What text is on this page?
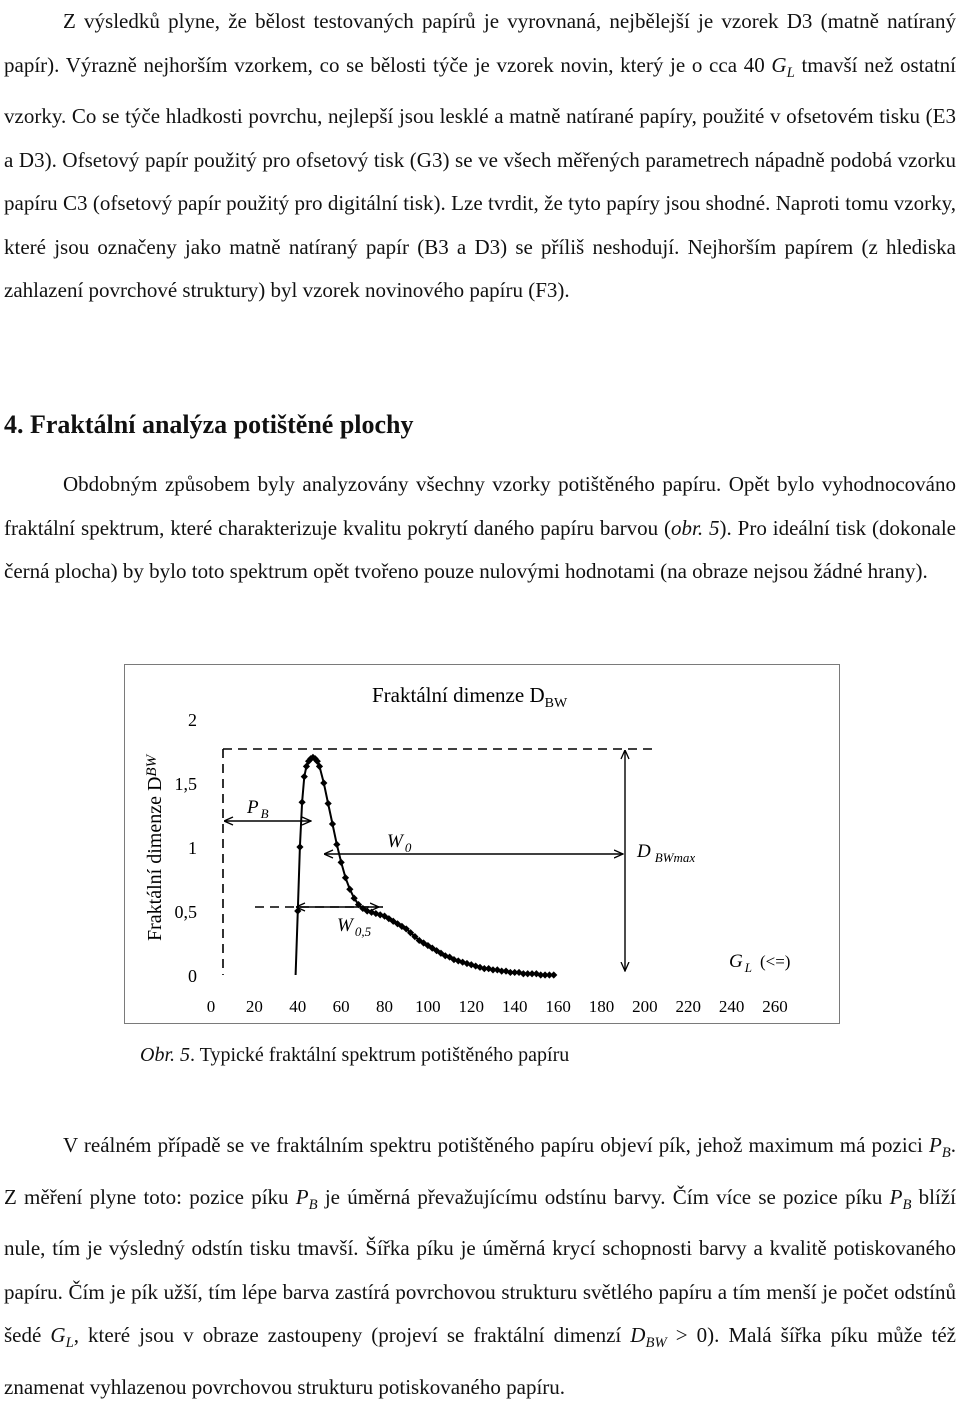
Z výsledků plyne, že bělost testovaných papírů je vyrovnaná, nejbělejší je vzorek D3 (matně natíraný papír). Výrazně nejhorším vzorkem, co se bělosti týče je vzorek novin, který je o cca 40 $G_L$ tmavší než ostatní vzorky. Co se týče hladkosti povrchu, nejlepší jsou lesklé a matně natírané papíry, použité v ofsetovém tisku (E3 a D3). Ofsetový papír použitý pro ofsetový tisk (G3) se ve všech měřených parametrech nápadně podobá vzorku papíru C3 (ofsetový papír použitý pro digitální tisk). Lze tvrdit, že tyto papíry jsou shodné. Naproti tomu vzorky, které jsou označeny jako matně natíraný papír (B3 a D3) se příliš neshodují. Nejhorším papírem (z hlediska zahlazení povrchové struktury) byl vzorek novinového papíru (F3).

4. Fraktální analýza potištěné plochy

Obdobným způsobem byly analyzovány všechny vzorky potištěného papíru. Opět bylo vyhodnocováno fraktální spektrum, které charakterizuje kvalitu pokrytí daného papíru barvou (obr. 5). Pro ideální tisk (dokonale černá plocha) by bylo toto spektrum opět tvořeno pouze nulovými hodnotami (na obraze nejsou žádné hrany).

Fraktální dimenze $D_{BW}$
Fraktální dimenze $D^{BW}$
0
0,5
1
1,5
2
0 20 40 60 80 100 120 140 160 180 200 220 240 260
P $_B$
W $_0$
W $_{0,5}$
D $_{BWmax}$
G $_L$ (<=)

Obr. 5. Typické fraktální spektrum potištěného papíru

V reálném případě se ve fraktálním spektru potištěného papíru objeví pík, jehož maximum má pozici $P_B$. Z měření plyne toto: pozice píku $P_B$ je úměrná převažujícímu odstínu barvy. Čím více se pozice píku $P_B$ blíží nule, tím je výsledný odstín tisku tmavší. Šířka píku je úměrná krycí schopnosti barvy a kvalitě potiskovaného papíru. Čím je pík užší, tím lépe barva zastírá povrchovou strukturu světlého papíru a tím menší je počet odstínů šedé $G_L$, které jsou v obraze zastoupeny (projeví se fraktální dimenzí $D_{BW} > 0$). Malá šířka píku může též znamenat vyhlazenou povrchovou strukturu potiskovaného papíru.
